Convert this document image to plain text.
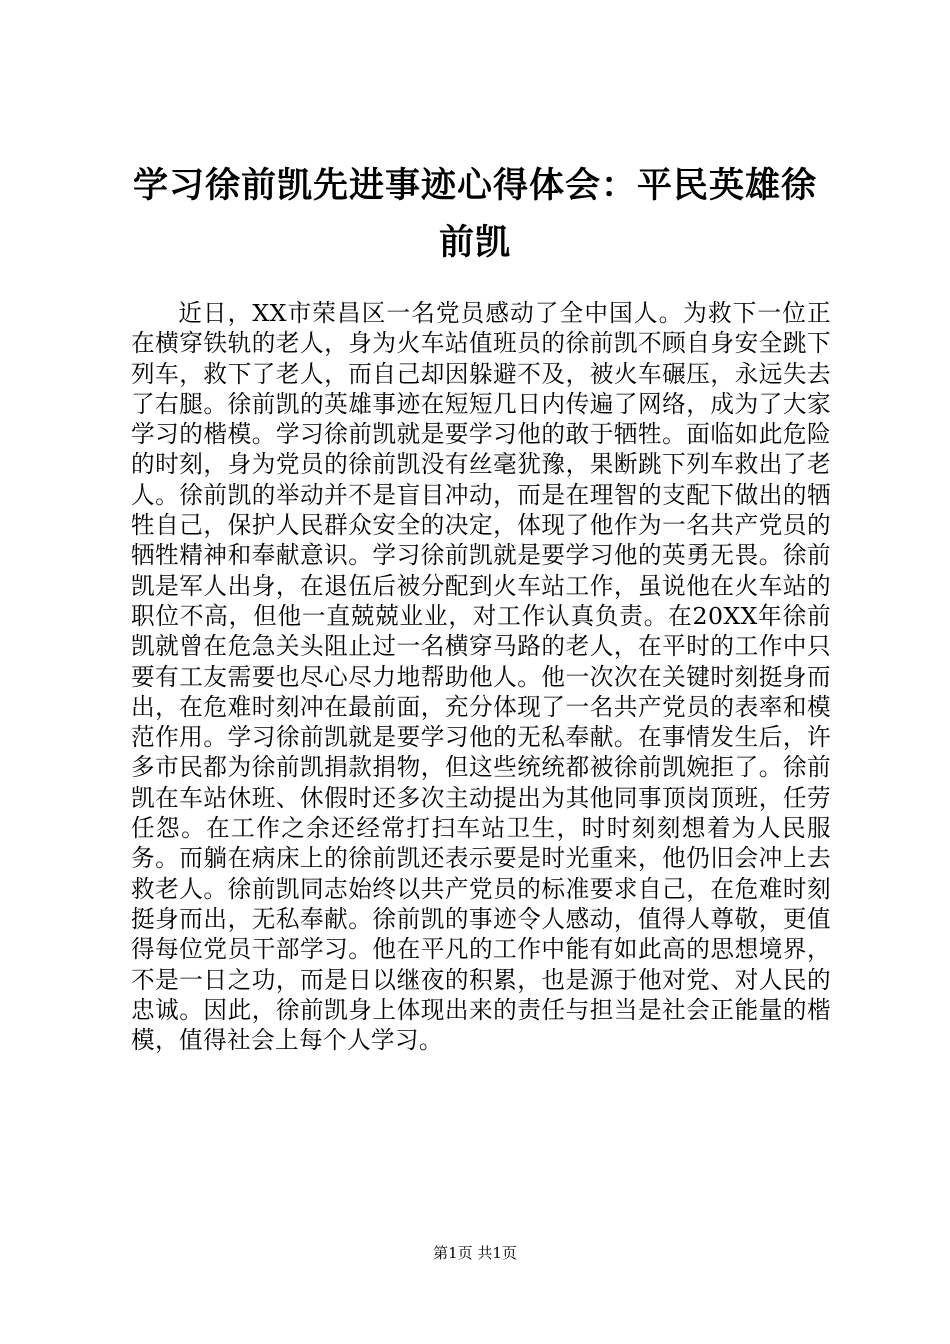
学习徐前凯先进事迹心得体会：平民英雄徐前凯

近日，XX市荣昌区一名党员感动了全中国人。为救下一位正在横穿铁轨的老人，身为火车站值班员的徐前凯不顾自身安全跳下列车，救下了老人，而自己却因躲避不及，被火车碾压，永远失去了右腿。徐前凯的英雄事迹在短短几日内传遍了网络，成为了大家学习的楷模。学习徐前凯就是要学习他的敢于牺牲。面临如此危险的时刻，身为党员的徐前凯没有丝毫犹豫，果断跳下列车救出了老人。徐前凯的举动并不是盲目冲动，而是在理智的支配下做出的牺牲自己，保护人民群众安全的决定，体现了他作为一名共产党员的牺牲精神和奉献意识。学习徐前凯就是要学习他的英勇无畏。徐前凯是军人出身，在退伍后被分配到火车站工作，虽说他在火车站的职位不高，但他一直兢兢业业，对工作认真负责。在20XX年徐前凯就曾在危急关头阻止过一名横穿马路的老人，在平时的工作中只要有工友需要也尽心尽力地帮助他人。他一次次在关键时刻挺身而出，在危难时刻冲在最前面，充分体现了一名共产党员的表率和模范作用。学习徐前凯就是要学习他的无私奉献。在事情发生后，许多市民都为徐前凯捐款捐物，但这些统统都被徐前凯婉拒了。徐前凯在车站休班、休假时还多次主动提出为其他同事顶岗顶班，任劳任怨。在工作之余还经常打扫车站卫生，时时刻刻想着为人民服务。而躺在病床上的徐前凯还表示要是时光重来，他仍旧会冲上去救老人。徐前凯同志始终以共产党员的标准要求自己，在危难时刻挺身而出，无私奉献。徐前凯的事迹令人感动，值得人尊敬，更值得每位党员干部学习。他在平凡的工作中能有如此高的思想境界，不是一日之功，而是日以继夜的积累，也是源于他对党、对人民的忠诚。因此，徐前凯身上体现出来的责任与担当是社会正能量的楷模，值得社会上每个人学习。

第1页 共1页
